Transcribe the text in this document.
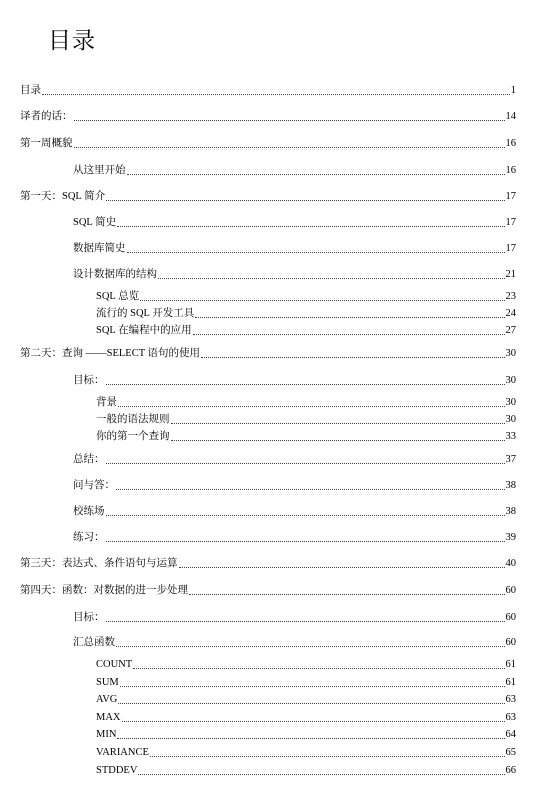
目录
目录	1
译者的话：	14
第一周概貌	16
从这里开始	16
第一天：SQL 简介	17
SQL 简史	17
数据库简史	17
设计数据库的结构	21
SQL 总览	23
流行的 SQL 开发工具	24
SQL 在编程中的应用	27
第二天：查询 ——SELECT 语句的使用	30
目标：	30
背景	30
一般的语法规则	30
你的第一个查询	33
总结：	37
问与答：	38
校练场	38
练习：	39
第三天：表达式、条件语句与运算	40
第四天：函数：对数据的进一步处理	60
目标：	60
汇总函数	60
COUNT	61
SUM	61
AVG	63
MAX	63
MIN	64
VARIANCE	65
STDDEV	66
